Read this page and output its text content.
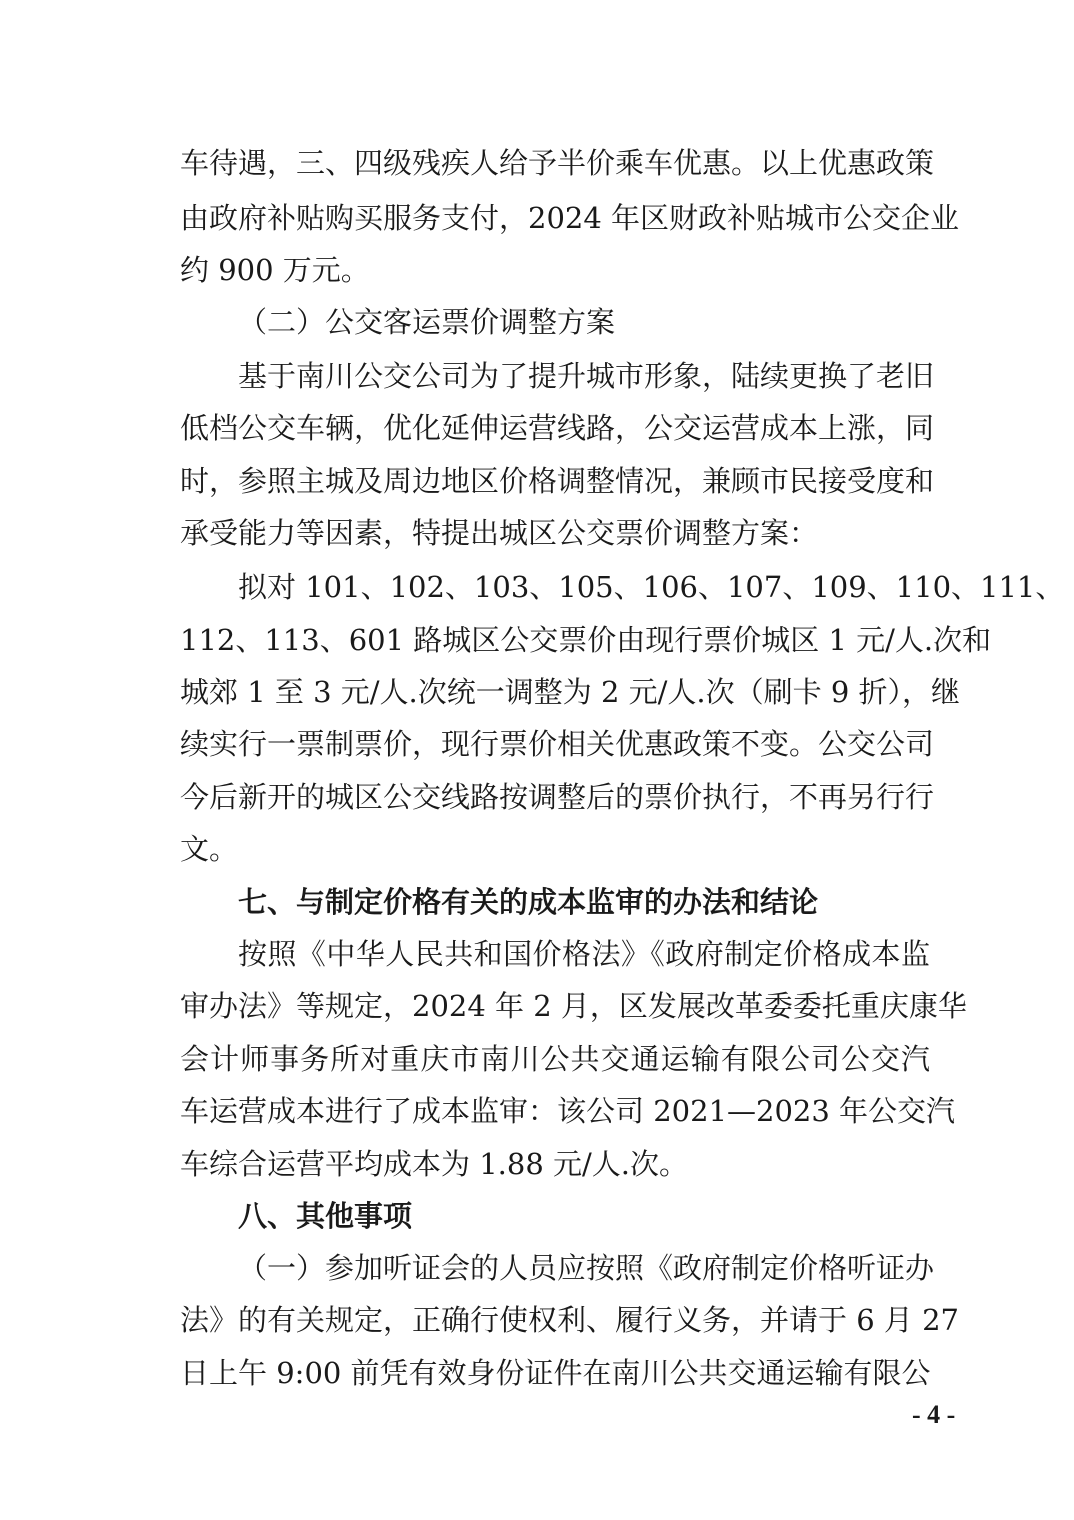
车待遇，三、四级残疾人给予半价乘车优惠。以上优惠政策
由政府补贴购买服务支付，2024 年区财政补贴城市公交企业
约 900 万元。
（二）公交客运票价调整方案
基于南川公交公司为了提升城市形象，陆续更换了老旧
低档公交车辆，优化延伸运营线路，公交运营成本上涨，同
时，参照主城及周边地区价格调整情况，兼顾市民接受度和
承受能力等因素，特提出城区公交票价调整方案：
拟对 101、102、103、105、106、107、109、110、111、
112、113、601 路城区公交票价由现行票价城区 1 元/人.次和
城郊 1 至 3 元/人.次统一调整为 2 元/人.次（刷卡 9 折），继
续实行一票制票价，现行票价相关优惠政策不变。公交公司
今后新开的城区公交线路按调整后的票价执行，不再另行行
文。
七、与制定价格有关的成本监审的办法和结论
按照《中华人民共和国价格法》《政府制定价格成本监
审办法》等规定，2024 年 2 月，区发展改革委委托重庆康华
会计师事务所对重庆市南川公共交通运输有限公司公交汽
车运营成本进行了成本监审：该公司 2021—2023 年公交汽
车综合运营平均成本为 1.88 元/人.次。
八、其他事项
（一）参加听证会的人员应按照《政府制定价格听证办
法》的有关规定，正确行使权利、履行义务，并请于 6 月 27
日上午 9:00 前凭有效身份证件在南川公共交通运输有限公
- 4 -
